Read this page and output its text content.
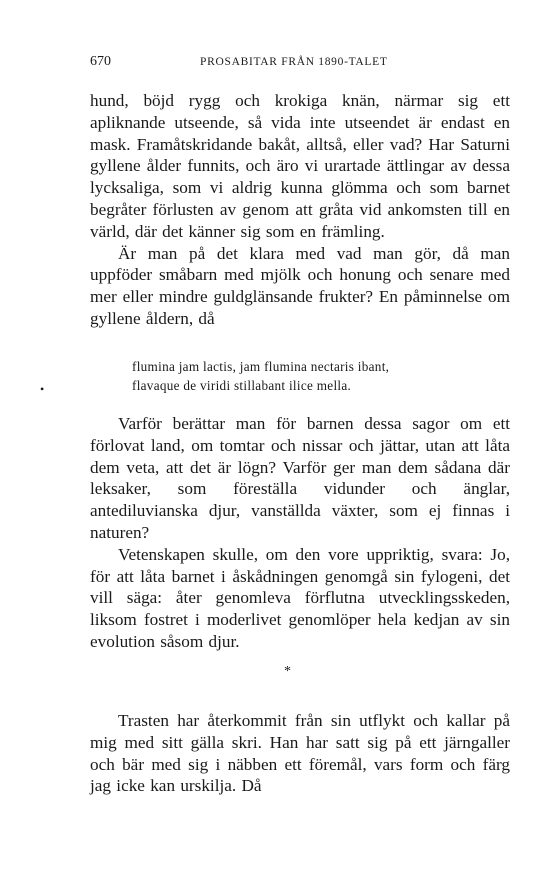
670	PROSABITAR FRÅN 1890-TALET

hund, böjd rygg och krokiga knän, närmar sig ett apliknande utseende, så vida inte utseendet är endast en mask. Framåtskridande bakåt, alltså, eller vad? Har Saturni gyllene ålder funnits, och äro vi urartade ättlingar av dessa lycksaliga, som vi aldrig kunna glömma och som barnet begråter förlusten av genom att gråta vid ankomsten till en värld, där det känner sig som en främling.

Är man på det klara med vad man gör, då man uppföder småbarn med mjölk och honung och senare med mer eller mindre guldglänsande frukter? En påminnelse om gyllene åldern, då

flumina jam lactis, jam flumina nectaris ibant,
flavaque de viridi stillabant ilice mella.
•

Varför berättar man för barnen dessa sagor om ett förlovat land, om tomtar och nissar och jättar, utan att låta dem veta, att det är lögn? Varför ger man dem sådana där leksaker, som föreställa vidunder och änglar, antediluvianska djur, vanställda växter, som ej finnas i naturen?

Vetenskapen skulle, om den vore uppriktig, svara: Jo, för att låta barnet i åskådningen genomgå sin fylogeni, det vill säga: åter genomleva förflutna utvecklingsskeden, liksom fostret i moderlivet genomlöper hela kedjan av sin evolution såsom djur.

*

Trasten har återkommit från sin utflykt och kallar på mig med sitt gälla skri. Han har satt sig på ett järngaller och bär med sig i näbben ett föremål, vars form och färg jag icke kan urskilja. Då
